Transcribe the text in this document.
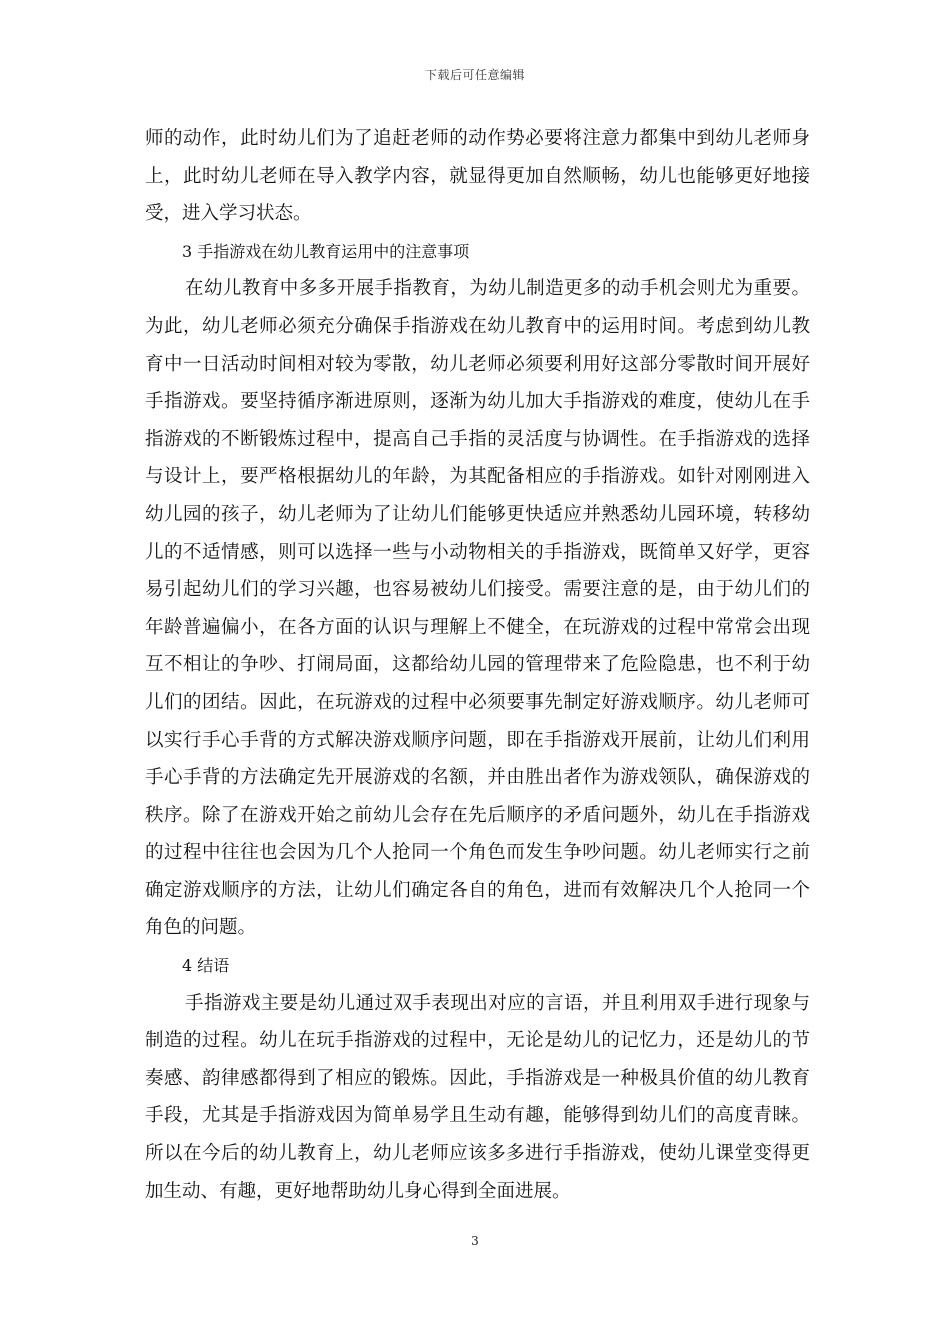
下载后可任意编辑

师的动作，此时幼儿们为了追赶老师的动作势必要将注意力都集中到幼儿老师身上，此时幼儿老师在导入教学内容，就显得更加自然顺畅，幼儿也能够更好地接受，进入学习状态。

3 手指游戏在幼儿教育运用中的注意事项

在幼儿教育中多多开展手指教育，为幼儿制造更多的动手机会则尤为重要。为此，幼儿老师必须充分确保手指游戏在幼儿教育中的运用时间。考虑到幼儿教育中一日活动时间相对较为零散，幼儿老师必须要利用好这部分零散时间开展好手指游戏。要坚持循序渐进原则，逐渐为幼儿加大手指游戏的难度，使幼儿在手指游戏的不断锻炼过程中，提高自己手指的灵活度与协调性。在手指游戏的选择与设计上，要严格根据幼儿的年龄，为其配备相应的手指游戏。如针对刚刚进入幼儿园的孩子，幼儿老师为了让幼儿们能够更快适应并熟悉幼儿园环境，转移幼儿的不适情感，则可以选择一些与小动物相关的手指游戏，既简单又好学，更容易引起幼儿们的学习兴趣，也容易被幼儿们接受。需要注意的是，由于幼儿们的年龄普遍偏小，在各方面的认识与理解上不健全，在玩游戏的过程中常常会出现互不相让的争吵、打闹局面，这都给幼儿园的管理带来了危险隐患，也不利于幼儿们的团结。因此，在玩游戏的过程中必须要事先制定好游戏顺序。幼儿老师可以实行手心手背的方式解决游戏顺序问题，即在手指游戏开展前，让幼儿们利用手心手背的方法确定先开展游戏的名额，并由胜出者作为游戏领队，确保游戏的秩序。除了在游戏开始之前幼儿会存在先后顺序的矛盾问题外，幼儿在手指游戏的过程中往往也会因为几个人抢同一个角色而发生争吵问题。幼儿老师实行之前确定游戏顺序的方法，让幼儿们确定各自的角色，进而有效解决几个人抢同一个角色的问题。

4 结语

手指游戏主要是幼儿通过双手表现出对应的言语，并且利用双手进行现象与制造的过程。幼儿在玩手指游戏的过程中，无论是幼儿的记忆力，还是幼儿的节奏感、韵律感都得到了相应的锻炼。因此，手指游戏是一种极具价值的幼儿教育手段，尤其是手指游戏因为简单易学且生动有趣，能够得到幼儿们的高度青睐。所以在今后的幼儿教育上，幼儿老师应该多多进行手指游戏，使幼儿课堂变得更加生动、有趣，更好地帮助幼儿身心得到全面进展。

3
